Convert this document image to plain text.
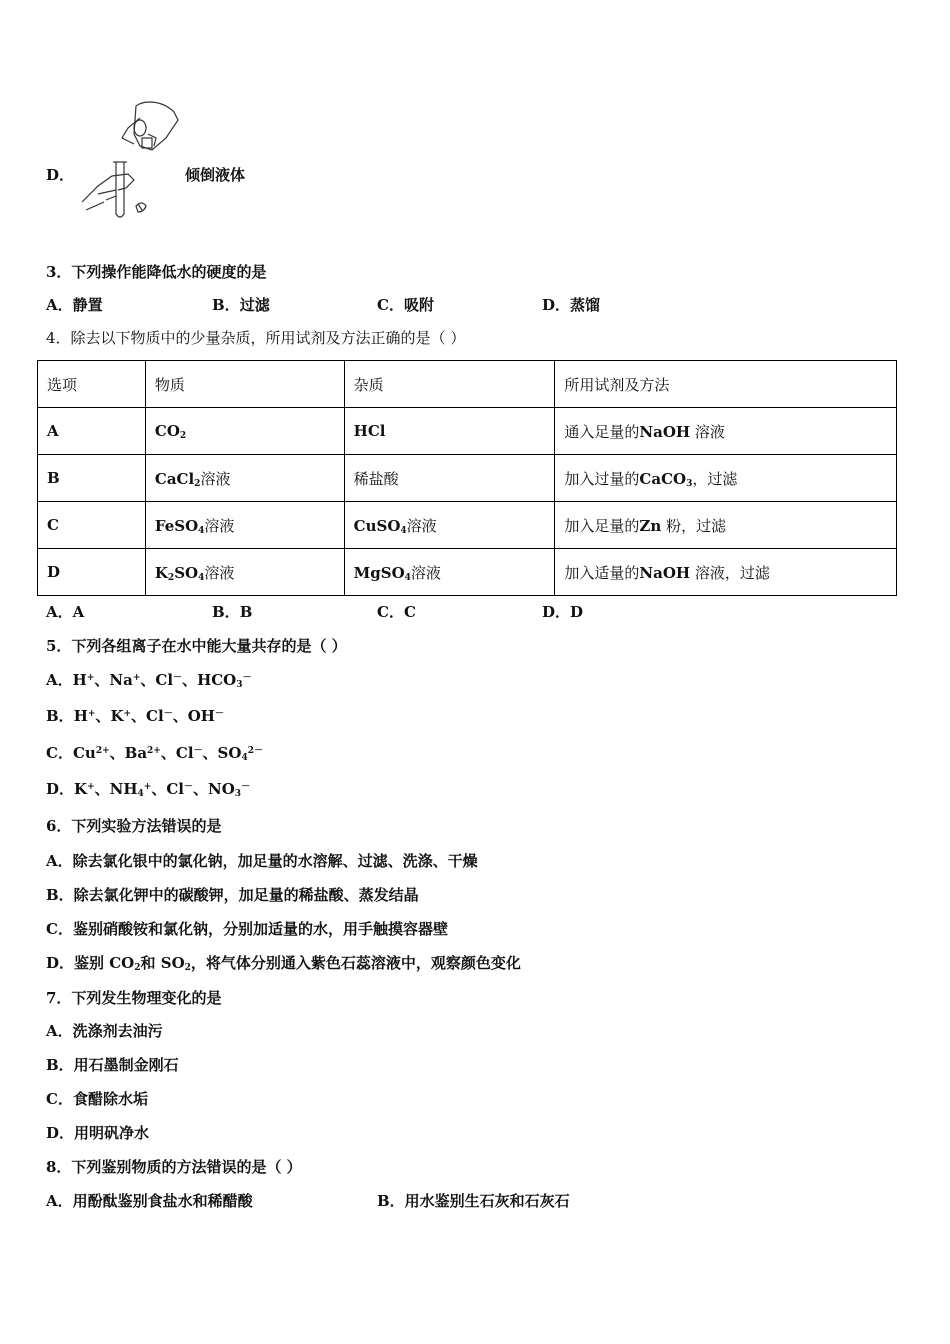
D．	倾倒液体
3．下列操作能降低水的硬度的是
A．静置	B．过滤	C．吸附	D．蒸馏
4．除去以下物质中的少量杂质，所用试剂及方法正确的是（ ）
选项	物质	杂质	所用试剂及方法
A	$CO_2$	HCl	通入足量的NaOH 溶液
B	CaCl$_2$溶液	稀盐酸	加入过量的CaCO$_3$，过滤
C	FeSO$_4$溶液	CuSO$_4$溶液	加入足量的Zn 粉，过滤
D	$K_2SO_4$溶液	MgSO$_4$溶液	加入适量的NaOH 溶液，过滤
A．A	B．B	C．C	D．D
5．下列各组离子在水中能大量共存的是（ ）
A．H+、Na+、Cl－、$HCO_3^-$
B．H+、K+、Cl－、OH－
C．$Cu^{2+}$、$Ba^{2+}$、Cl－、$SO_4^{2-}$
D．K+、$NH_4^+$、Cl－、$NO_3^-$
6．下列实验方法错误的是
A．除去氯化银中的氯化钠，加足量的水溶解、过滤、洗涤、干燥
B．除去氯化钾中的碳酸钾，加足量的稀盐酸、蒸发结晶
C．鉴别硝酸铵和氯化钠，分别加适量的水，用手触摸容器壁
D．鉴别 $CO_2$和 $SO_2$，将气体分别通入紫色石蕊溶液中，观察颜色变化
7．下列发生物理变化的是
A．洗涤剂去油污
B．用石墨制金刚石
C．食醋除水垢
D．用明矾净水
8．下列鉴别物质的方法错误的是（ ）
A．用酚酞鉴别食盐水和稀醋酸	B．用水鉴别生石灰和石灰石
